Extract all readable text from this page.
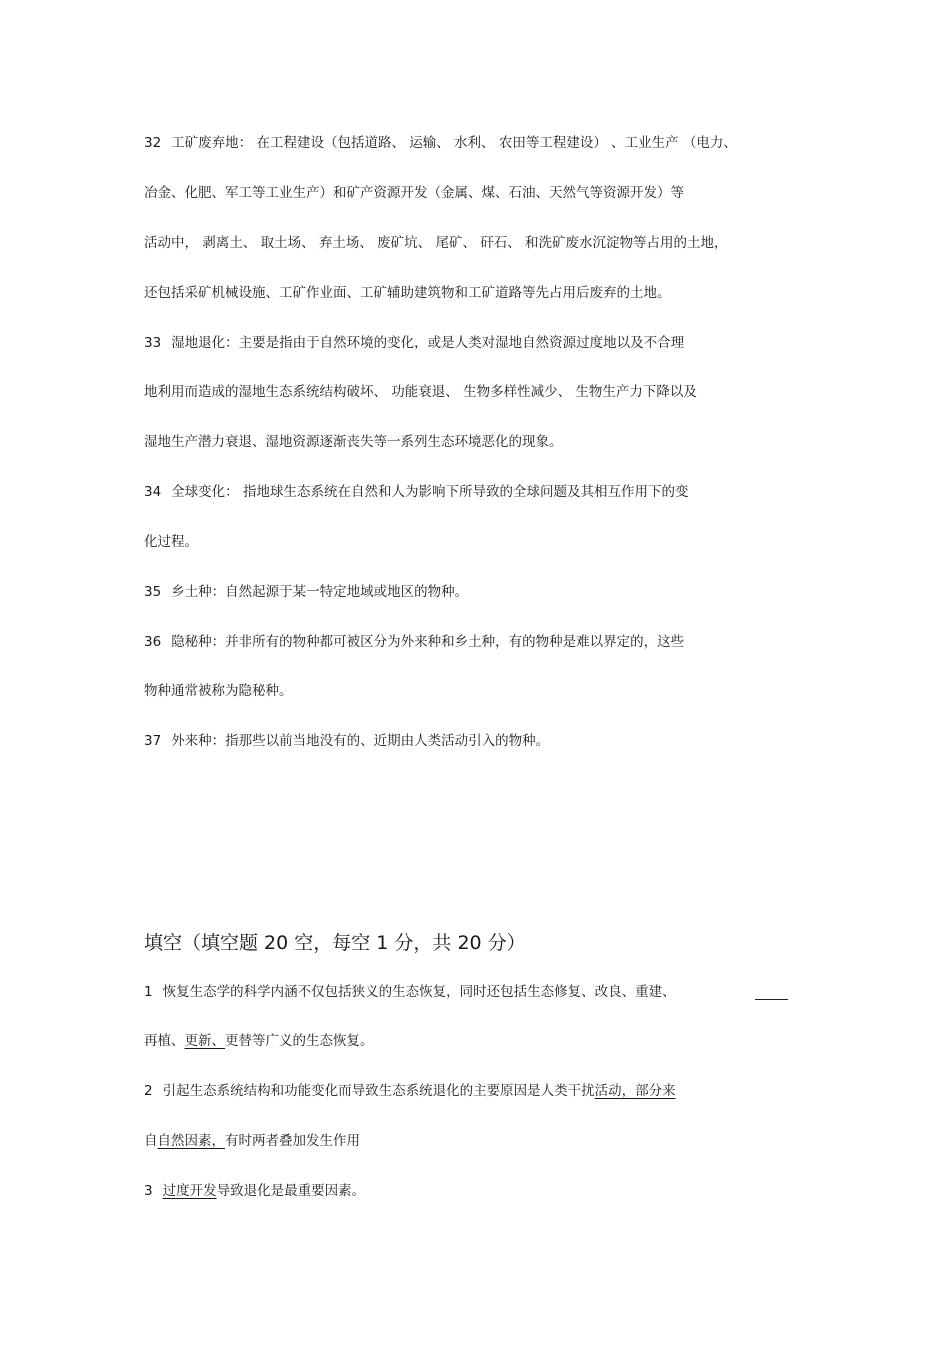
32 工矿废弃地： 在工程建设（包括道路、 运输、 水利、 农田等工程建设） 、工业生产 （电力、
冶金、化肥、军工等工业生产）和矿产资源开发（金属、煤、石油、天然气等资源开发）等
活动中， 剥离土、 取土场、 弃土场、 废矿坑、 尾矿、 矸石、 和洗矿废水沉淀物等占用的土地，
还包括采矿机械设施、工矿作业面、工矿辅助建筑物和工矿道路等先占用后废弃的土地。
33 湿地退化：主要是指由于自然环境的变化，或是人类对湿地自然资源过度地以及不合理
地利用而造成的湿地生态系统结构破坏、 功能衰退、 生物多样性减少、 生物生产力下降以及
湿地生产潜力衰退、湿地资源逐渐丧失等一系列生态环境恶化的现象。
34 全球变化： 指地球生态系统在自然和人为影响下所导致的全球问题及其相互作用下的变
化过程。
35 乡土种：自然起源于某一特定地域或地区的物种。
36 隐秘种：并非所有的物种都可被区分为外来种和乡土种，有的物种是难以界定的，这些
物种通常被称为隐秘种。
37 外来种：指那些以前当地没有的、近期由人类活动引入的物种。
填空（填空题 20 空，每空 1 分，共 20 分）
1 恢复生态学的科学内涵不仅包括狭义的生态恢复，同时还包括生态修复、改良、重建、
再植、更新、更替等广义的生态恢复。
2 引起生态系统结构和功能变化而导致生态系统退化的主要原因是人类干扰活动，部分来
自自然因素，有时两者叠加发生作用
3 过度开发导致退化是最重要因素。
